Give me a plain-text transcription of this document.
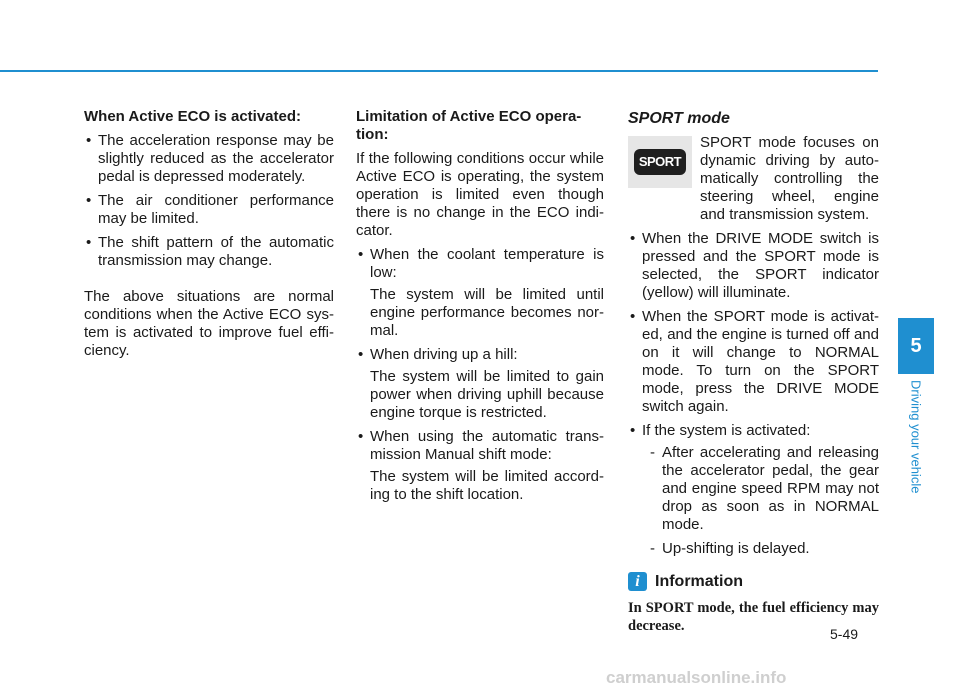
When Active ECO is activated:

• The acceleration response may be slightly reduced as the accelerator pedal is depressed moderately.
• The air conditioner performance may be limited.
• The shift pattern of the automatic transmission may change.

The above situations are normal conditions when the Active ECO sys-tem is activated to improve fuel effi-ciency.

Limitation of Active ECO opera-tion:

If the following conditions occur while Active ECO is operating, the system operation is limited even though there is no change in the ECO indi-cator.

• When the coolant temperature is low:

The system will be limited until engine performance becomes nor-mal.

• When driving up a hill:

The system will be limited to gain power when driving uphill because engine torque is restricted.

• When using the automatic trans-mission Manual shift mode:

The system will be limited accord-ing to the shift location.

SPORT mode

SPORT
SPORT mode focuses on dynamic driving by auto-matically controlling the steering wheel, engine and transmission system.
• When the DRIVE MODE switch is pressed and the SPORT mode is selected, the SPORT indicator (yellow) will illuminate.
• When the SPORT mode is activat-ed, and the engine is turned off and on it will change to NORMAL mode. To turn on the SPORT mode, press the DRIVE MODE switch again.
• If the system is activated:
- After accelerating and releasing the accelerator pedal, the gear and engine speed RPM may not drop as soon as in NORMAL mode.
- Up-shifting is delayed.
i Information
In SPORT mode, the fuel efficiency may decrease.
5
Driving your vehicle
5-49
carmanualsonline.info
